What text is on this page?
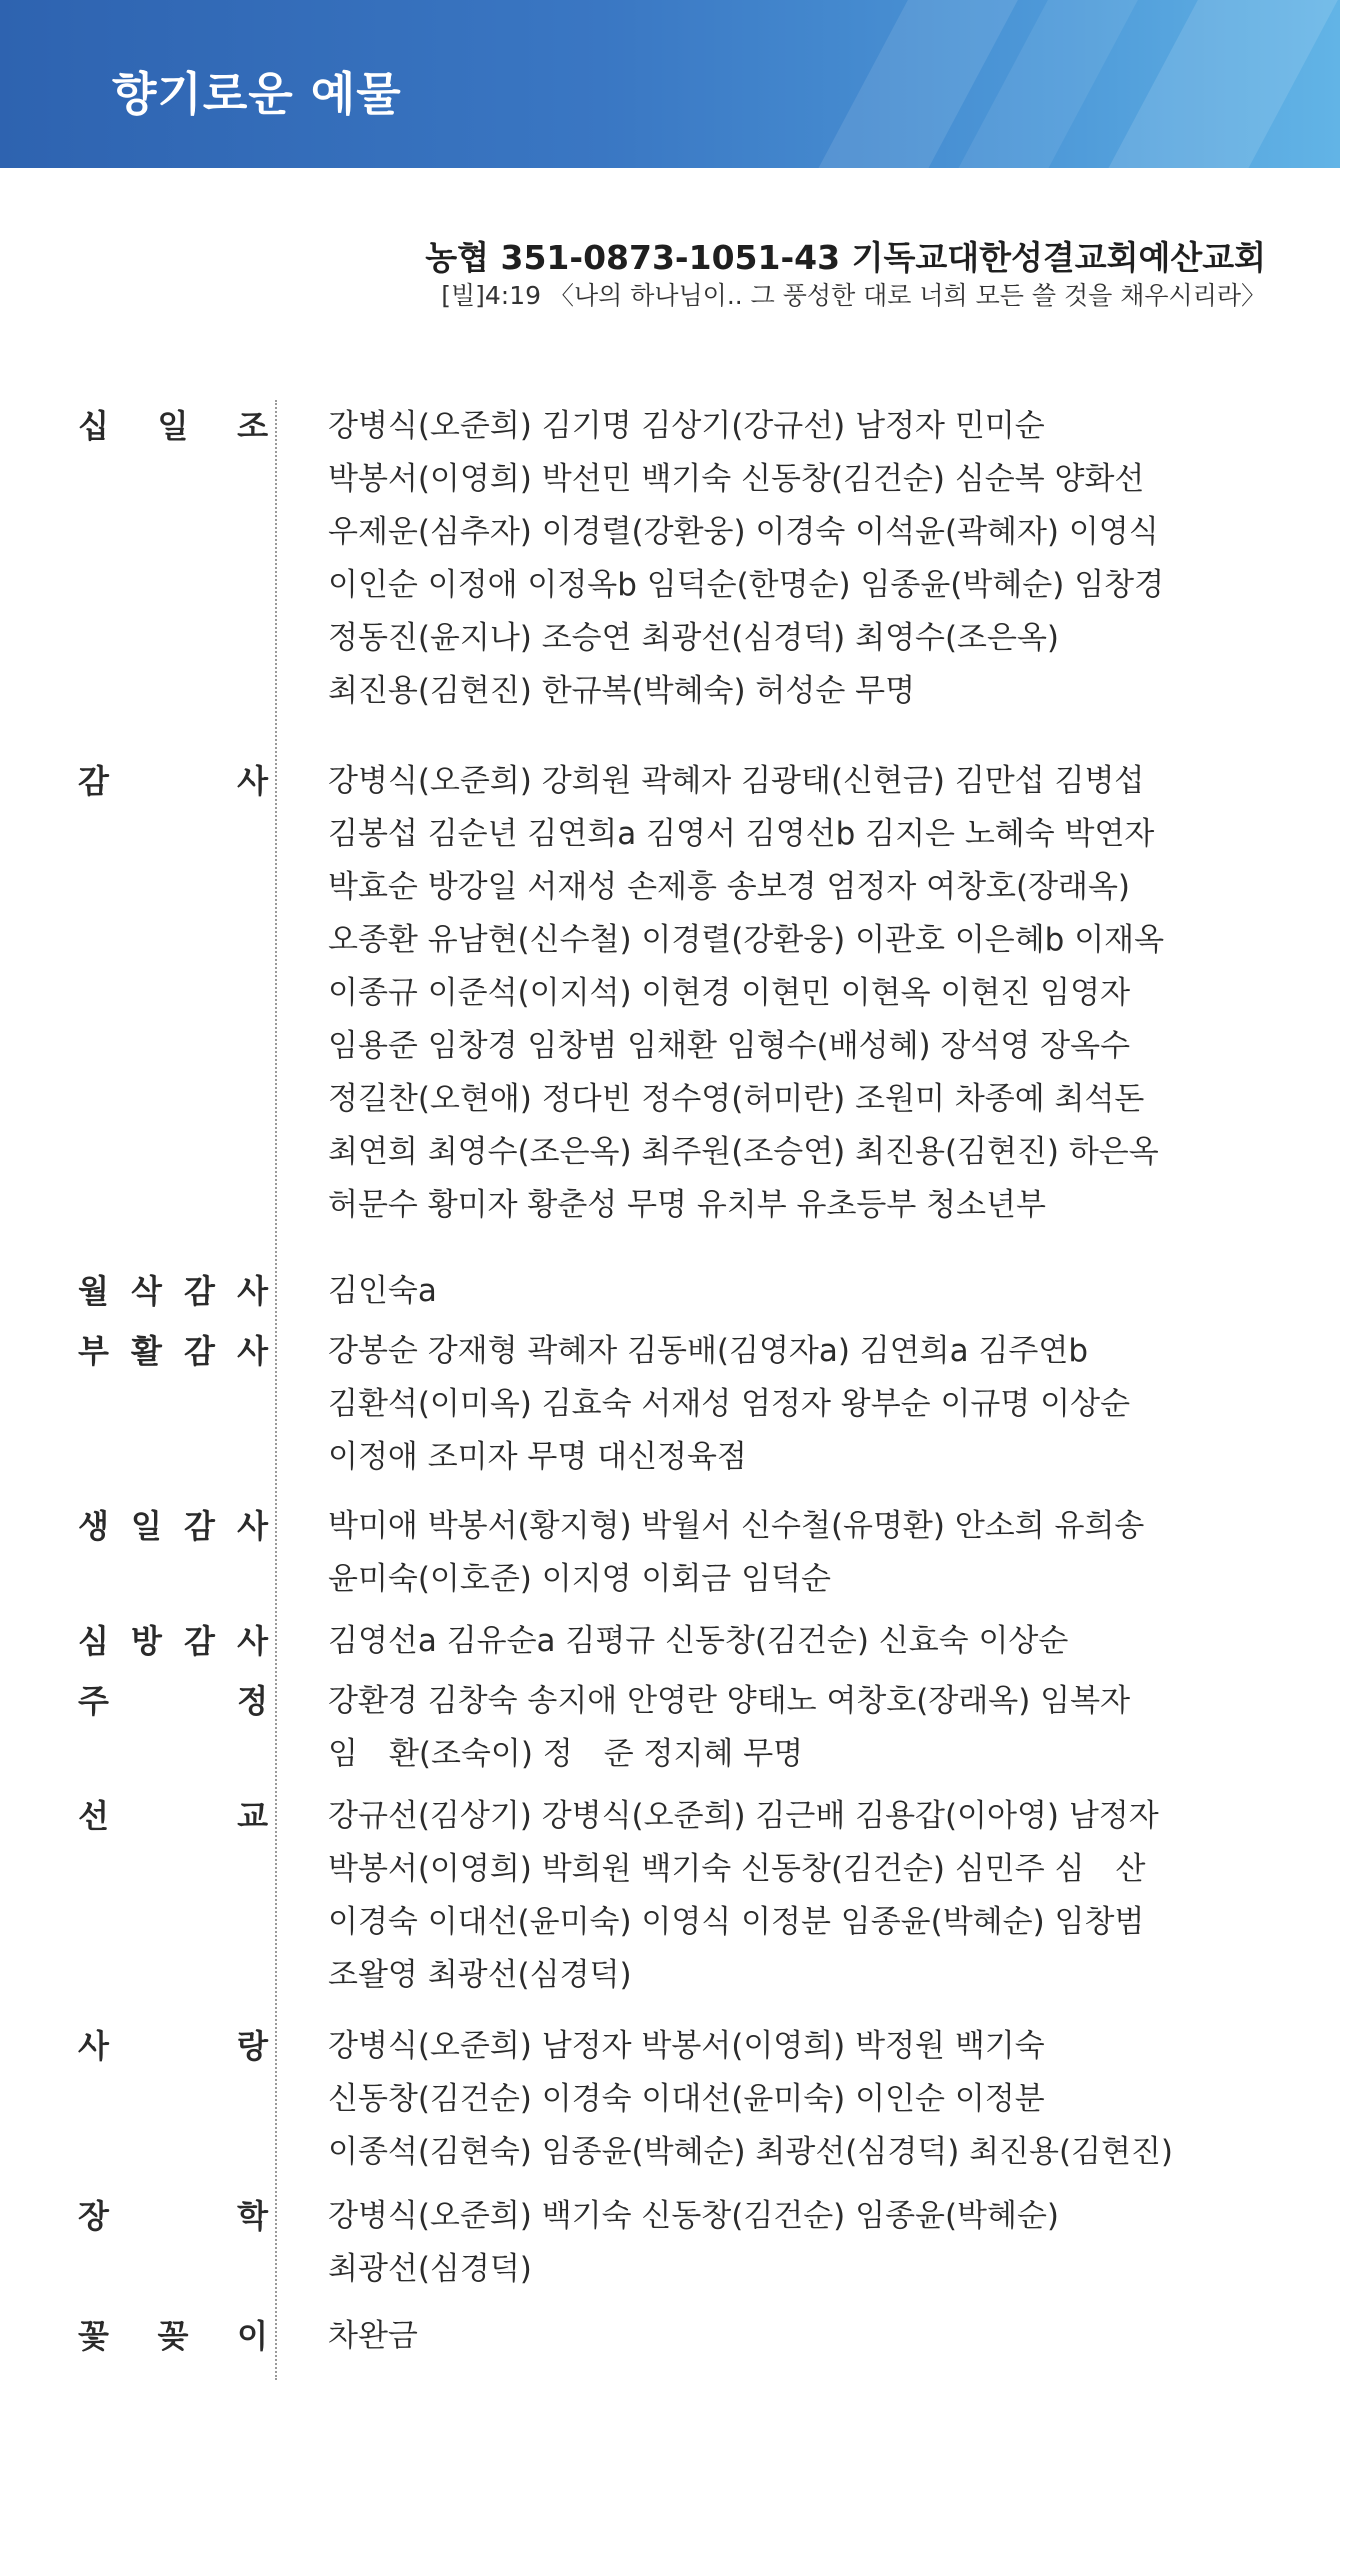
향기로운 예물
농협 351-0873-1051-43 기독교대한성결교회예산교회
[빌]4:19 〈나의 하나님이.. 그 풍성한 대로 너희 모든 쓸 것을 채우시리라〉
십 일 조 강병식(오준희) 김기명 김상기(강규선) 남정자 민미순
박봉서(이영희) 박선민 백기숙 신동창(김건순) 심순복 양화선
우제운(심추자) 이경렬(강환웅) 이경숙 이석윤(곽혜자) 이영식
이인순 이정애 이정옥b 임덕순(한명순) 임종윤(박혜순) 임창경
정동진(윤지나) 조승연 최광선(심경덕) 최영수(조은옥)
최진용(김현진) 한규복(박혜숙) 허성순 무명
감 사 강병식(오준희) 강희원 곽혜자 김광태(신현금) 김만섭 김병섭
김봉섭 김순년 김연희a 김영서 김영선b 김지은 노혜숙 박연자
박효순 방강일 서재성 손제흥 송보경 엄정자 여창호(장래옥)
오종환 유남현(신수철) 이경렬(강환웅) 이관호 이은혜b 이재옥
이종규 이준석(이지석) 이현경 이현민 이현옥 이현진 임영자
임용준 임창경 임창범 임채환 임형수(배성혜) 장석영 장옥수
정길찬(오현애) 정다빈 정수영(허미란) 조원미 차종예 최석돈
최연희 최영수(조은옥) 최주원(조승연) 최진용(김현진) 하은옥
허문수 황미자 황춘성 무명 유치부 유초등부 청소년부
월 삭 감 사 김인숙a
부 활 감 사 강봉순 강재형 곽혜자 김동배(김영자a) 김연희a 김주연b
김환석(이미옥) 김효숙 서재성 엄정자 왕부순 이규명 이상순
이정애 조미자 무명 대신정육점
생 일 감 사 박미애 박봉서(황지형) 박월서 신수철(유명환) 안소희 유희송
윤미숙(이호준) 이지영 이회금 임덕순
심 방 감 사 김영선a 김유순a 김평규 신동창(김건순) 신효숙 이상순
주 정 강환경 김창숙 송지애 안영란 양태노 여창호(장래옥) 임복자
임　환(조숙이) 정　준 정지혜 무명
선 교 강규선(김상기) 강병식(오준희) 김근배 김용갑(이아영) 남정자
박봉서(이영희) 박희원 백기숙 신동창(김건순) 심민주 심　산
이경숙 이대선(윤미숙) 이영식 이정분 임종윤(박혜순) 임창범
조왈영 최광선(심경덕)
사 랑 강병식(오준희) 남정자 박봉서(이영희) 박정원 백기숙
신동창(김건순) 이경숙 이대선(윤미숙) 이인순 이정분
이종석(김현숙) 임종윤(박혜순) 최광선(심경덕) 최진용(김현진)
장 학 강병식(오준희) 백기숙 신동창(김건순) 임종윤(박혜순)
최광선(심경덕)
꽃 꽂 이 차완금
